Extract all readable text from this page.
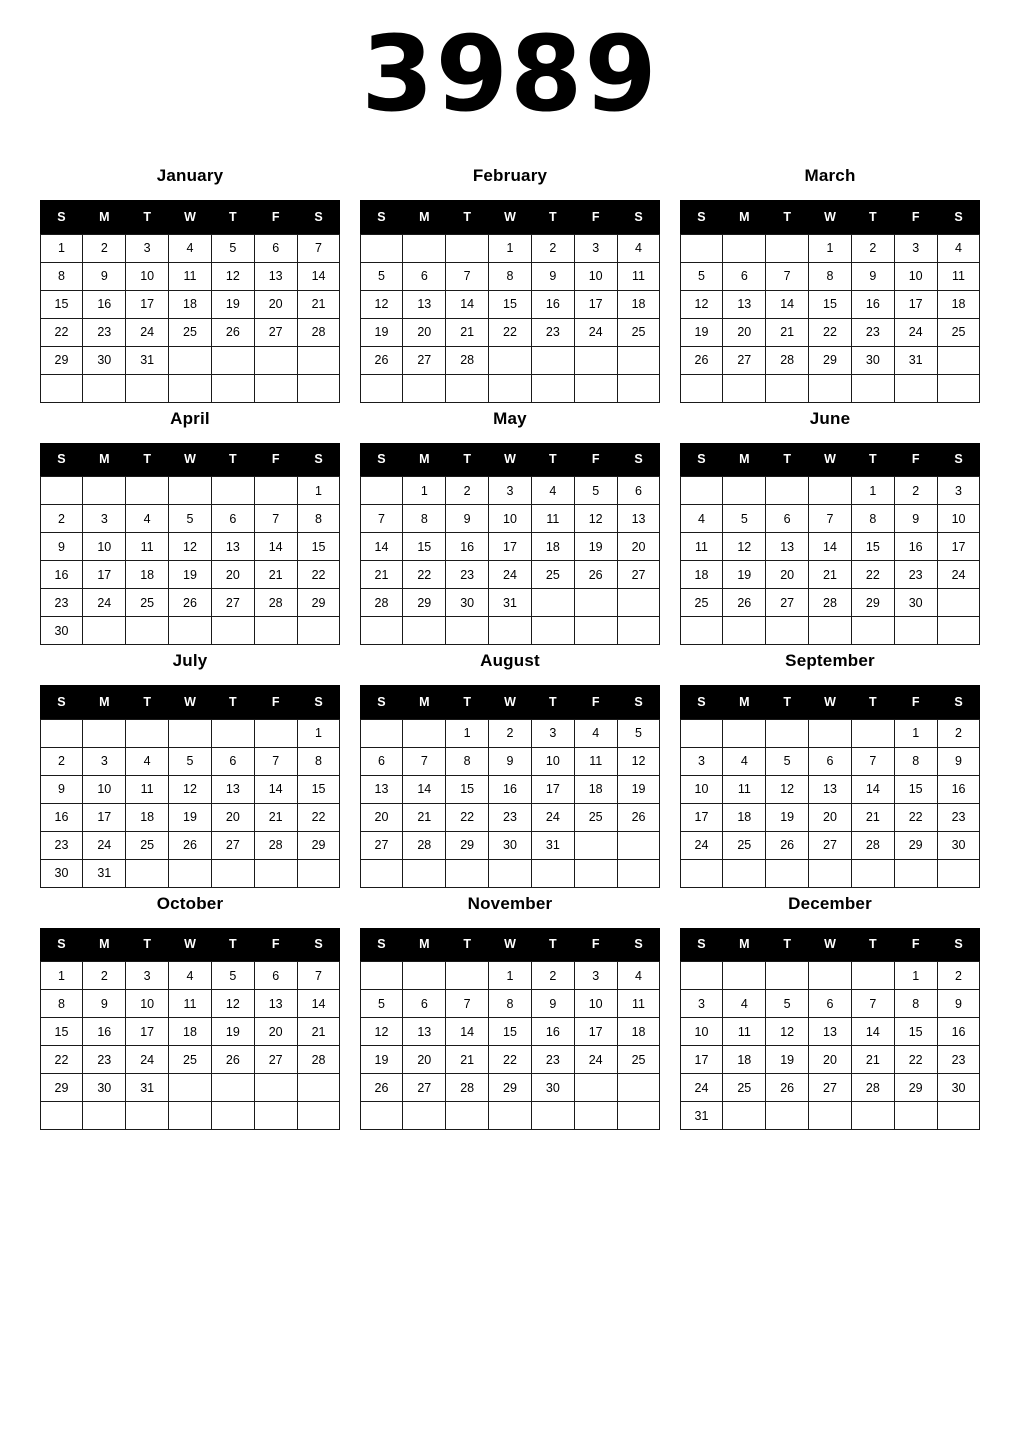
3989
January
S	M	T	W	T	F	S
1	2	3	4	5	6	7
8	9	10	11	12	13	14
15	16	17	18	19	20	21
22	23	24	25	26	27	28
29	30	31				

February
S	M	T	W	T	F	S
			1	2	3	4
5	6	7	8	9	10	11
12	13	14	15	16	17	18
19	20	21	22	23	24	25
26	27	28				

March
S	M	T	W	T	F	S
			1	2	3	4
5	6	7	8	9	10	11
12	13	14	15	16	17	18
19	20	21	22	23	24	25
26	27	28	29	30	31	

April
S	M	T	W	T	F	S
						1
2	3	4	5	6	7	8
9	10	11	12	13	14	15
16	17	18	19	20	21	22
23	24	25	26	27	28	29
30						
May
S	M	T	W	T	F	S
	1	2	3	4	5	6
7	8	9	10	11	12	13
14	15	16	17	18	19	20
21	22	23	24	25	26	27
28	29	30	31			

June
S	M	T	W	T	F	S
				1	2	3
4	5	6	7	8	9	10
11	12	13	14	15	16	17
18	19	20	21	22	23	24
25	26	27	28	29	30	

July
S	M	T	W	T	F	S
						1
2	3	4	5	6	7	8
9	10	11	12	13	14	15
16	17	18	19	20	21	22
23	24	25	26	27	28	29
30	31					
August
S	M	T	W	T	F	S
		1	2	3	4	5
6	7	8	9	10	11	12
13	14	15	16	17	18	19
20	21	22	23	24	25	26
27	28	29	30	31		

September
S	M	T	W	T	F	S
					1	2
3	4	5	6	7	8	9
10	11	12	13	14	15	16
17	18	19	20	21	22	23
24	25	26	27	28	29	30

October
S	M	T	W	T	F	S
1	2	3	4	5	6	7
8	9	10	11	12	13	14
15	16	17	18	19	20	21
22	23	24	25	26	27	28
29	30	31				

November
S	M	T	W	T	F	S
			1	2	3	4
5	6	7	8	9	10	11
12	13	14	15	16	17	18
19	20	21	22	23	24	25
26	27	28	29	30		

December
S	M	T	W	T	F	S
					1	2
3	4	5	6	7	8	9
10	11	12	13	14	15	16
17	18	19	20	21	22	23
24	25	26	27	28	29	30
31						
